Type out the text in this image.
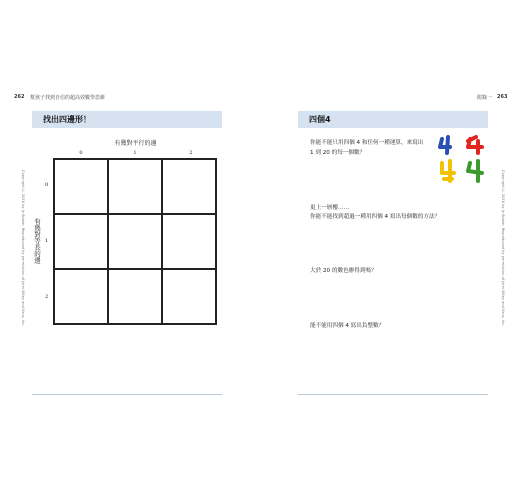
262 幫孩子找到自信的超高效數學思維
Copyright © 2016 by Jo Boaler. Reproduced by permission of John Wiley and Sons, Inc.
找出四邊形！
有幾對平行的邊
0	1	2
有幾對等長的邊
0
1
2
附錄一 263
Copyright © 2016 by Jo Boaler. Reproduced by permission of John Wiley and Sons, Inc.
四個4
你能不能只用四個 4 和任何一種運算，來寫出
1 到 20 的每一個數？
更上一層樓……
你能不能找到超過一種用四個 4 寫出每個數的方法？
大於 20 的數也辦得到嗎？
能不能用四個 4 寫出負整數？
